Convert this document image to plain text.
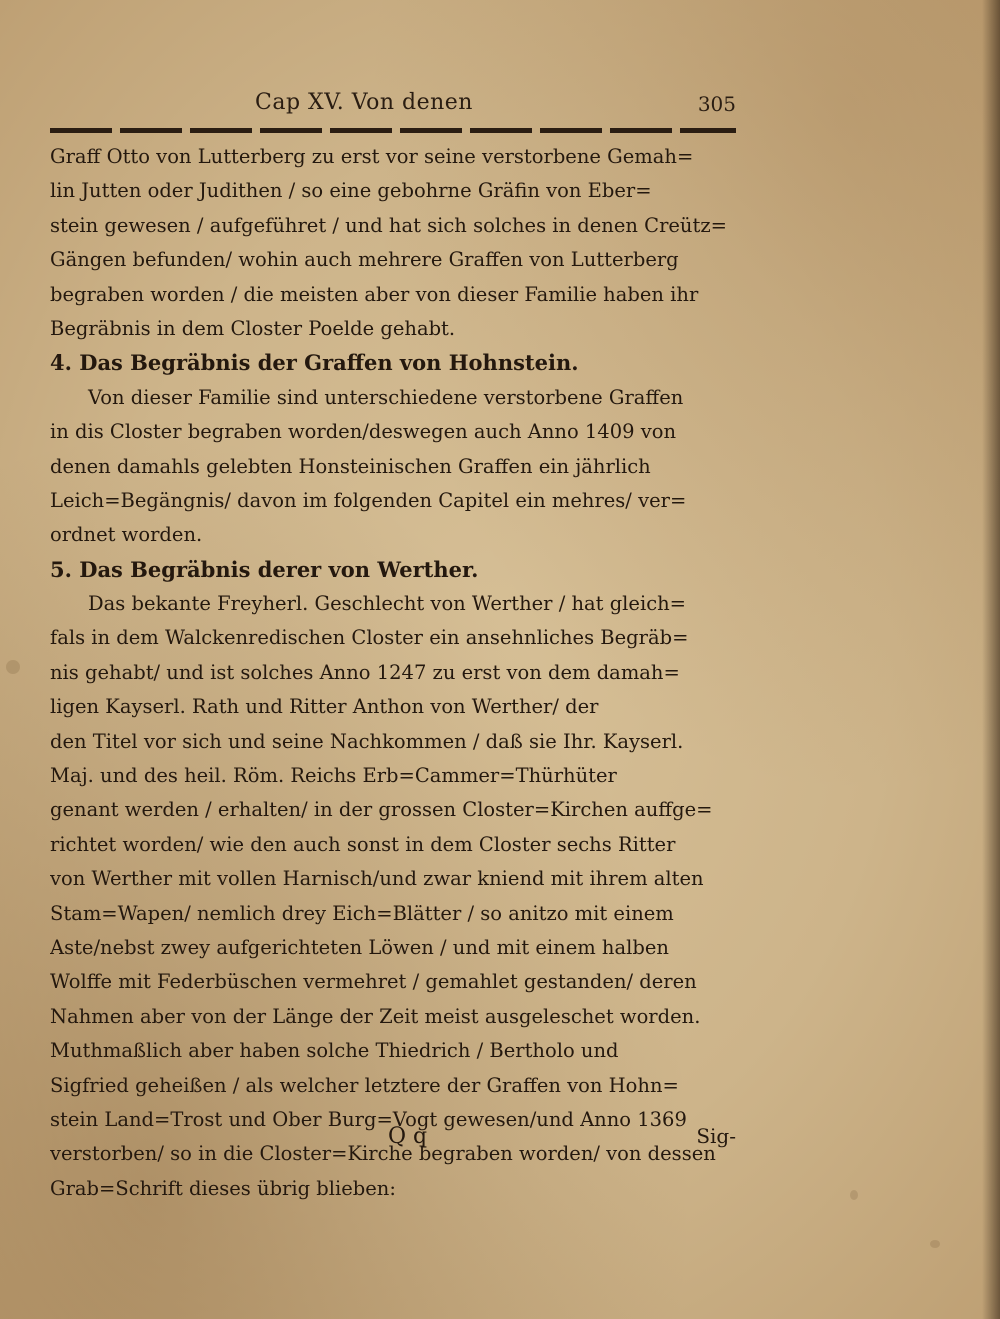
Cap XV. Von denen	305
Graff Otto von Lutterberg zu erst vor seine verstorbene Gemah=
lin Jutten oder Judithen / so eine gebohrne Gräfin von Eber=
stein gewesen / aufgeführet / und hat sich solches in denen Creütz=
Gängen befunden/ wohin auch mehrere Graffen von Lutterberg
begraben worden / die meisten aber von dieser Familie haben ihr
Begräbnis in dem Closter Poelde gehabt.
4. Das Begräbnis der Graffen von Hohnstein.
Von dieser Familie sind unterschiedene verstorbene Graffen
in dis Closter begraben worden/deswegen auch Anno 1409 von
denen damahls gelebten Honsteinischen Graffen ein jährlich
Leich=Begängnis/ davon im folgenden Capitel ein mehres/ ver=
ordnet worden.
5. Das Begräbnis derer von Werther.
Das bekante Freyherl. Geschlecht von Werther / hat gleich=
fals in dem Walckenredischen Closter ein ansehnliches Begräb=
nis gehabt/ und ist solches Anno 1247 zu erst von dem damah=
ligen Kayserl. Rath und Ritter Anthon von Werther/ der
den Titel vor sich und seine Nachkommen / daß sie Ihr. Kayserl.
Maj. und des heil. Röm. Reichs Erb=Cammer=Thürhüter
genant werden / erhalten/ in der grossen Closter=Kirchen auffge=
richtet worden/ wie den auch sonst in dem Closter sechs Ritter
von Werther mit vollen Harnisch/und zwar kniend mit ihrem alten
Stam=Wapen/ nemlich drey Eich=Blätter / so anitzo mit einem
Aste/nebst zwey aufgerichteten Löwen / und mit einem halben
Wolffe mit Federbüschen vermehret / gemahlet gestanden/ deren
Nahmen aber von der Länge der Zeit meist ausgeleschet worden.
Muthmaßlich aber haben solche Thiedrich / Bertholo und
Sigfried geheißen / als welcher letztere der Graffen von Hohn=
stein Land=Trost und Ober Burg=Vogt gewesen/und Anno 1369
verstorben/ so in die Closter=Kirche begraben worden/ von dessen
Grab=Schrift dieses übrig blieben:
Q q	Sig-
